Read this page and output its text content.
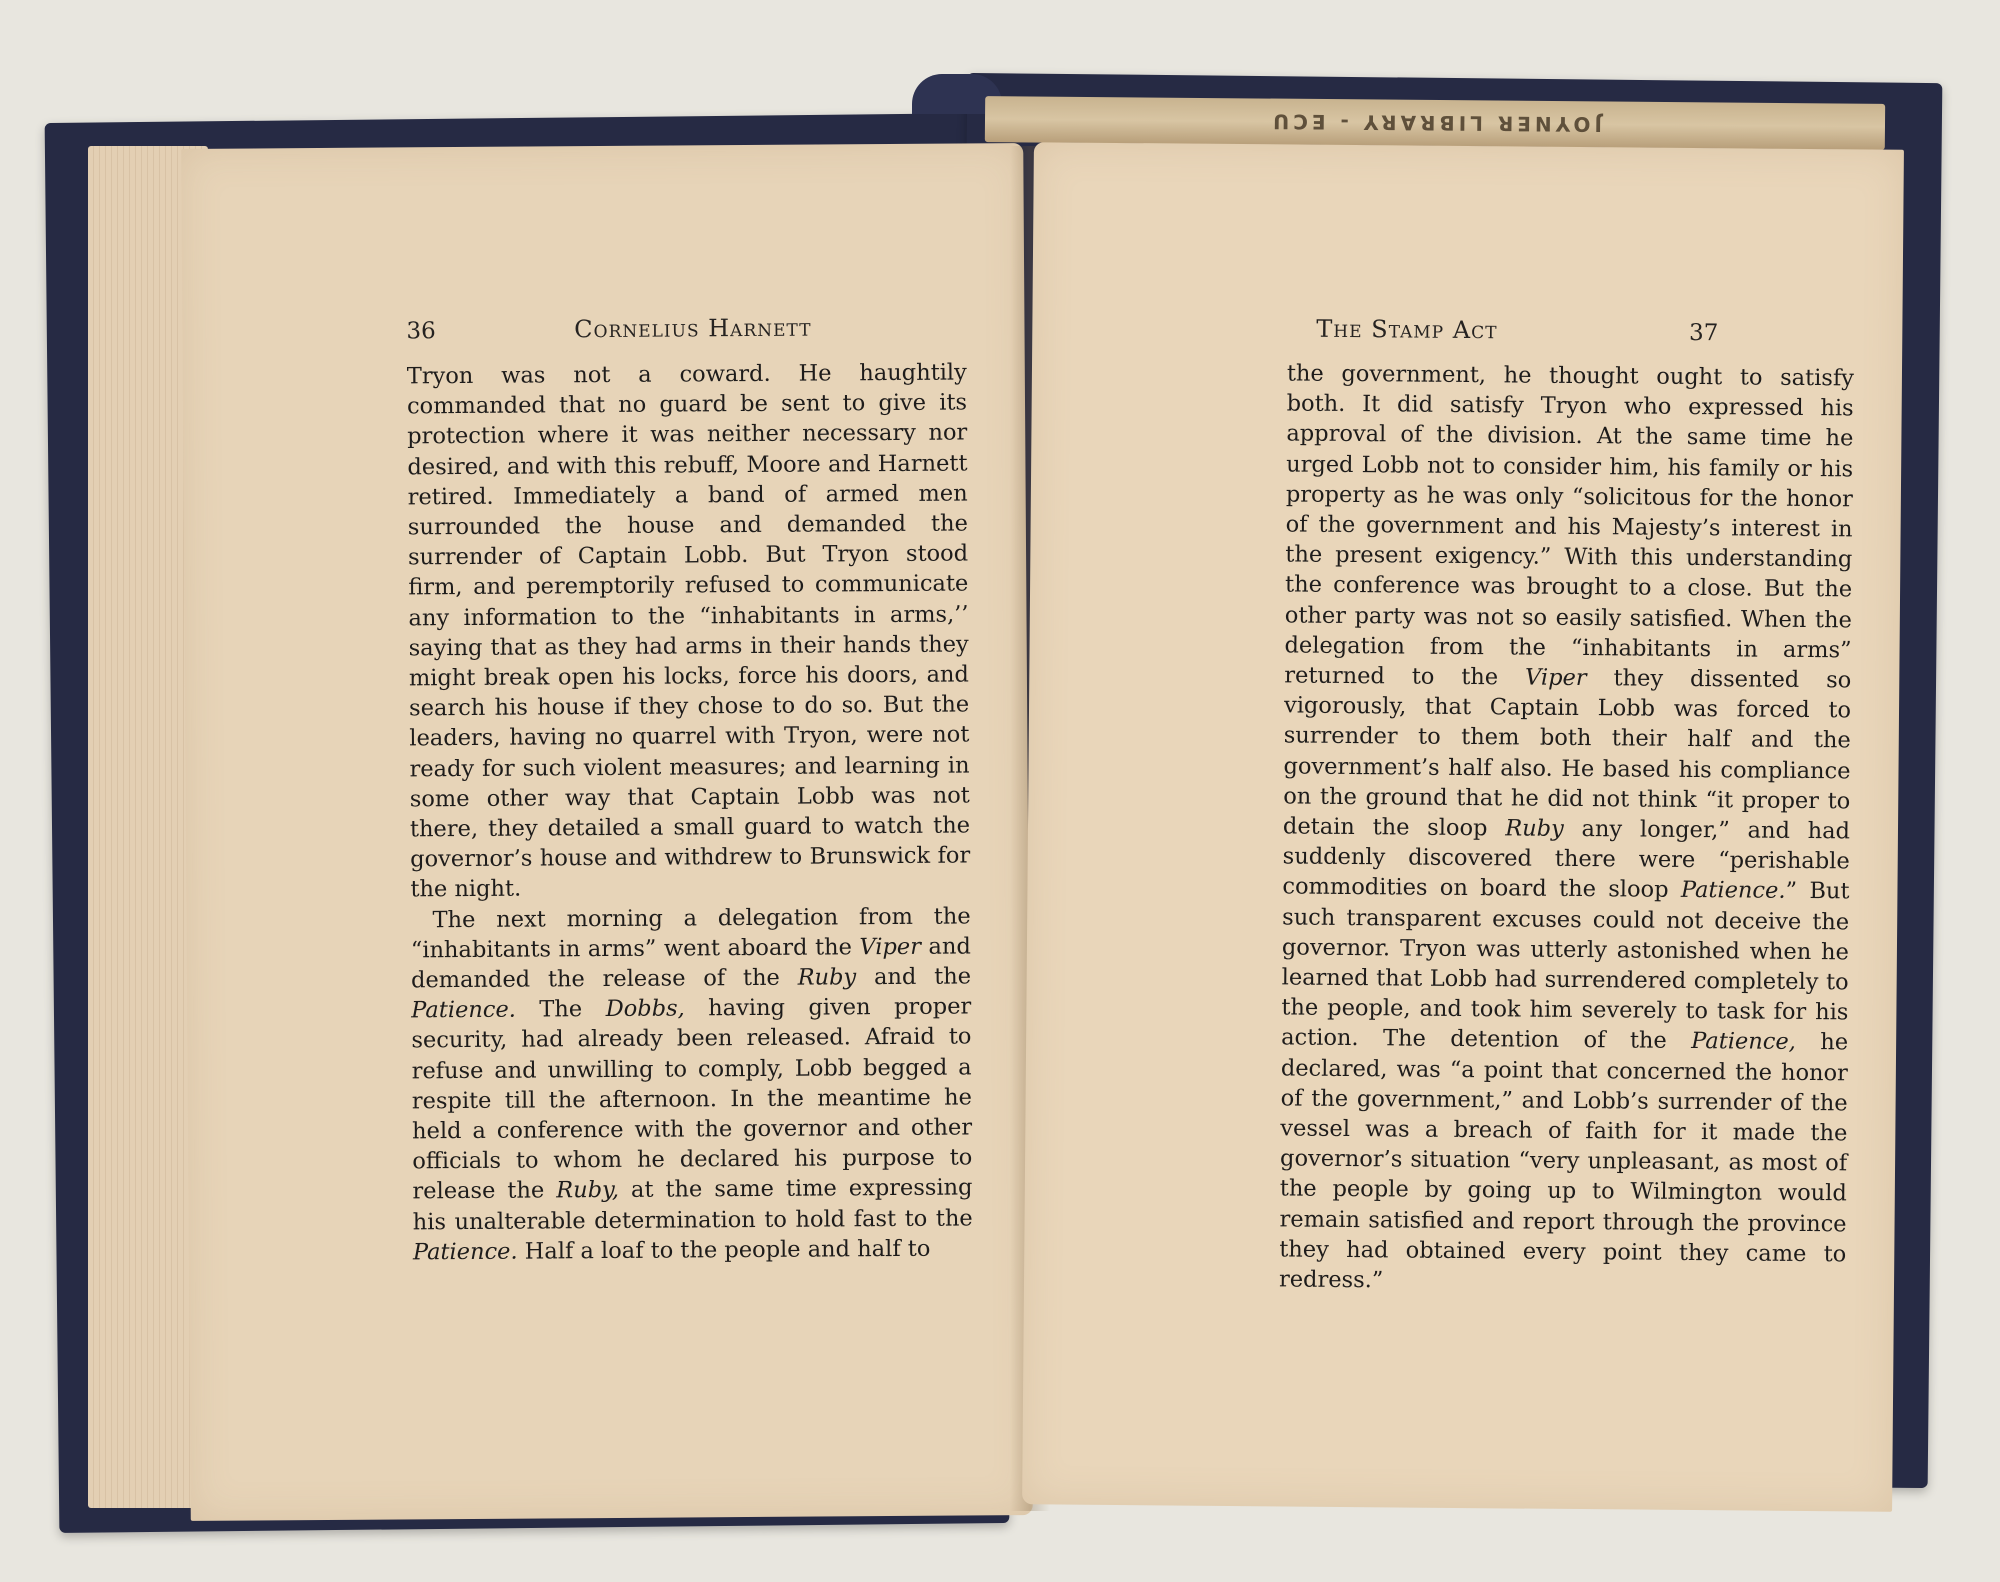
JOYNER LIBRARY - ECU
36	Cornelius Harnett

Tryon was not a coward. He haughtily commanded that no guard be sent to give its protection where it was neither necessary nor desired, and with this rebuff, Moore and Harnett retired. Immediately a band of armed men surrounded the house and demanded the surrender of Captain Lobb. But Tryon stood firm, and peremptorily refused to communicate any information to the “inhabitants in arms,’’ saying that as they had arms in their hands they might break open his locks, force his doors, and search his house if they chose to do so. But the leaders, having no quarrel with Tryon, were not ready for such violent measures; and learning in some other way that Captain Lobb was not there, they detailed a small guard to watch the governor’s house and withdrew to Brunswick for the night.

The next morning a delegation from the “inhabitants in arms” went aboard the Viper and demanded the release of the Ruby and the Patience. The Dobbs, having given proper security, had already been released. Afraid to refuse and unwilling to comply, Lobb begged a respite till the afternoon. In the meantime he held a conference with the governor and other officials to whom he declared his purpose to release the Ruby, at the same time expressing his unalterable determination to hold fast to the Patience. Half a loaf to the people and half to

The Stamp Act	37

the government, he thought ought to satisfy both. It did satisfy Tryon who expressed his approval of the division. At the same time he urged Lobb not to consider him, his family or his property as he was only “solicitous for the honor of the government and his Majesty’s interest in the present exigency.” With this understanding the conference was brought to a close. But the other party was not so easily satisfied. When the delegation from the “inhabitants in arms” returned to the Viper they dissented so vigorously, that Captain Lobb was forced to surrender to them both their half and the government’s half also. He based his compliance on the ground that he did not think “it proper to detain the sloop Ruby any longer,” and had suddenly discovered there were “perishable commodities on board the sloop Patience.” But such transparent excuses could not deceive the governor. Tryon was utterly astonished when he learned that Lobb had surrendered completely to the people, and took him severely to task for his action. The detention of the Patience, he declared, was “a point that concerned the honor of the government,” and Lobb’s surrender of the vessel was a breach of faith for it made the governor’s situation “very unpleasant, as most of the people by going up to Wilmington would remain satisfied and report through the province they had obtained every point they came to redress.”
